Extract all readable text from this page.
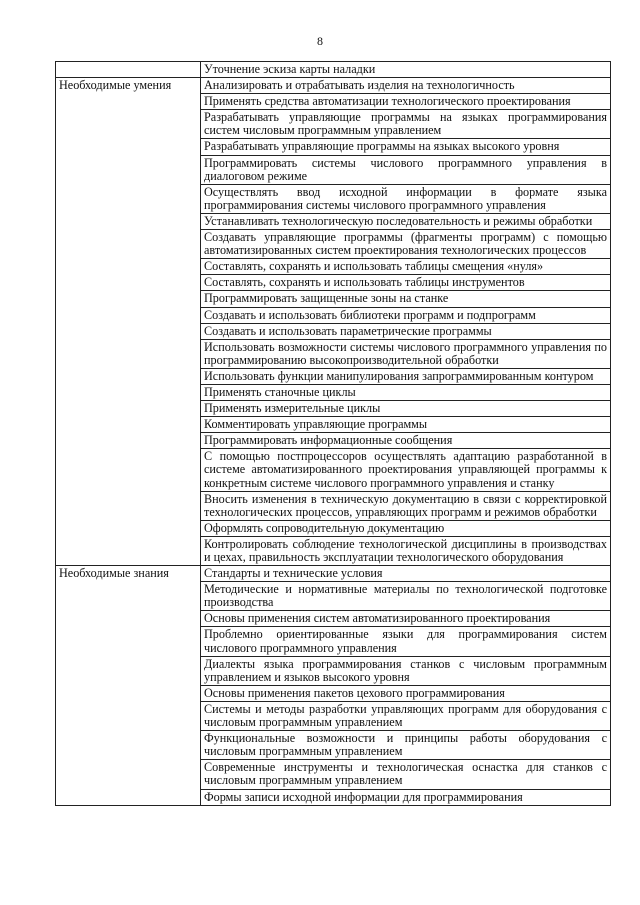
8

	Уточнение эскиза карты наладки

Необходимые умения	Анализировать и отрабатывать изделия на технологичность

	Применять средства автоматизации технологического проектирования

	Разрабатывать управляющие программы на языках программирования систем числовым программным управлением

	Разрабатывать управляющие программы на языках высокого уровня

	Программировать системы числового программного управления в диалоговом режиме

	Осуществлять ввод исходной информации в формате языка программирования системы числового программного управления

	Устанавливать технологическую последовательность и режимы обработки

	Создавать управляющие программы (фрагменты программ) с помощью автоматизированных систем проектирования технологических процессов

	Составлять, сохранять и использовать таблицы смещения «нуля»

	Составлять, сохранять и использовать таблицы инструментов

	Программировать защищенные зоны на станке

	Создавать и использовать библиотеки программ и подпрограмм

	Создавать и использовать параметрические программы

	Использовать возможности системы числового программного управления по программированию высокопроизводительной обработки

	Использовать функции манипулирования запрограммированным контуром

	Применять станочные циклы

	Применять измерительные циклы

	Комментировать управляющие программы

	Программировать информационные сообщения

	С помощью постпроцессоров осуществлять адаптацию разработанной в системе автоматизированного проектирования управляющей программы к конкретным системе числового программного управления и станку

	Вносить изменения в техническую документацию в связи с корректировкой технологических процессов, управляющих программ и режимов обработки

	Оформлять сопроводительную документацию

	Контролировать соблюдение технологической дисциплины в производствах и цехах, правильность эксплуатации технологического оборудования

Необходимые знания	Стандарты и технические условия

	Методические и нормативные материалы по технологической подготовке производства

	Основы применения систем автоматизированного проектирования

	Проблемно ориентированные языки для программирования систем числового программного управления

	Диалекты языка программирования станков с числовым программным управлением и языков высокого уровня

	Основы применения пакетов цехового программирования

	Системы и методы разработки управляющих программ для оборудования с числовым программным управлением

	Функциональные возможности и принципы работы оборудования с числовым программным управлением

	Современные инструменты и технологическая оснастка для станков с числовым программным управлением

	Формы записи исходной информации для программирования
